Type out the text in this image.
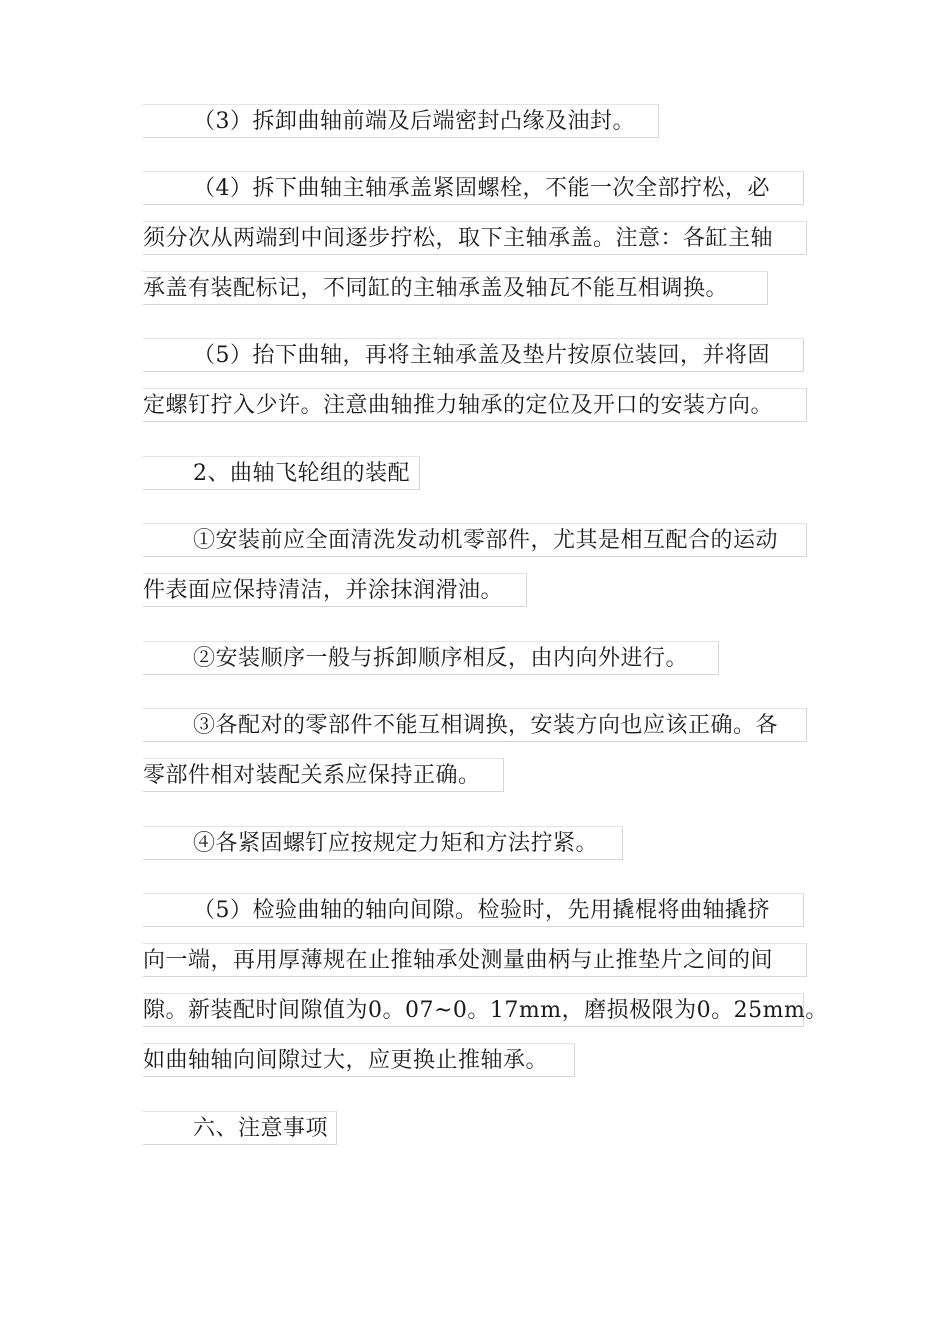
（3）拆卸曲轴前端及后端密封凸缘及油封。
（4）拆下曲轴主轴承盖紧固螺栓，不能一次全部拧松，必
须分次从两端到中间逐步拧松，取下主轴承盖。注意：各缸主轴
承盖有装配标记，不同缸的主轴承盖及轴瓦不能互相调换。
（5）抬下曲轴，再将主轴承盖及垫片按原位装回，并将固
定螺钉拧入少许。注意曲轴推力轴承的定位及开口的安装方向。
2、曲轴飞轮组的装配
①安装前应全面清洗发动机零部件，尤其是相互配合的运动
件表面应保持清洁，并涂抹润滑油。
②安装顺序一般与拆卸顺序相反，由内向外进行。
③各配对的零部件不能互相调换，安装方向也应该正确。各
零部件相对装配关系应保持正确。
④各紧固螺钉应按规定力矩和方法拧紧。
（5）检验曲轴的轴向间隙。检验时，先用撬棍将曲轴撬挤
向一端，再用厚薄规在止推轴承处测量曲柄与止推垫片之间的间
隙。新装配时间隙值为0。07~0。17mm，磨损极限为0。25mm。
如曲轴轴向间隙过大，应更换止推轴承。
六、注意事项
